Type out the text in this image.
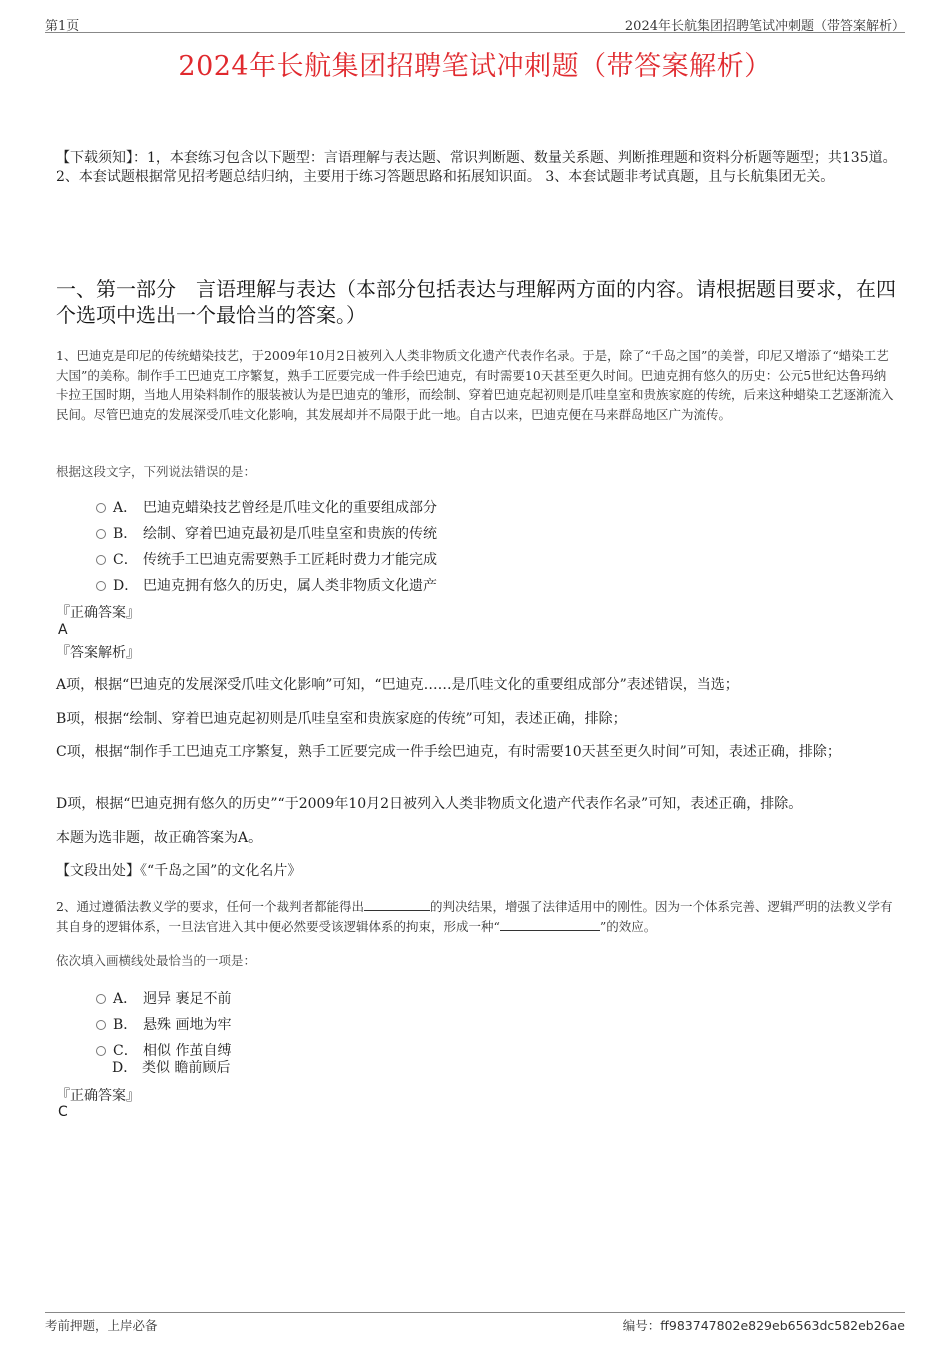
第1页	2024年长航集团招聘笔试冲刺题（带答案解析）
2024年长航集团招聘笔试冲刺题（带答案解析）
【下载须知】：1，本套练习包含以下题型：言语理解与表达题、常识判断题、数量关系题、判断推理题和资料分析题等题型；共135道。 2、本套试题根据常见招考题总结归纳，主要用于练习答题思路和拓展知识面。 3、本套试题非考试真题，且与长航集团无关。
一、第一部分　言语理解与表达（本部分包括表达与理解两方面的内容。请根据题目要求，在四个选项中选出一个最恰当的答案。）
1、巴迪克是印尼的传统蜡染技艺，于2009年10月2日被列入人类非物质文化遗产代表作名录。于是，除了“千岛之国”的美誉，印尼又增添了“蜡染工艺大国”的美称。制作手工巴迪克工序繁复，熟手工匠要完成一件手绘巴迪克，有时需要10天甚至更久时间。巴迪克拥有悠久的历史：公元5世纪达鲁玛纳卡拉王国时期，当地人用染料制作的服装被认为是巴迪克的雏形，而绘制、穿着巴迪克起初则是爪哇皇室和贵族家庭的传统，后来这种蜡染工艺逐渐流入民间。尽管巴迪克的发展深受爪哇文化影响，其发展却并不局限于此一地。自古以来，巴迪克便在马来群岛地区广为流传。
根据这段文字，下列说法错误的是：
A． 巴迪克蜡染技艺曾经是爪哇文化的重要组成部分
B． 绘制、穿着巴迪克最初是爪哇皇室和贵族的传统
C． 传统手工巴迪克需要熟手工匠耗时费力才能完成
D． 巴迪克拥有悠久的历史，属人类非物质文化遗产
『正确答案』
A
『答案解析』
A项，根据“巴迪克的发展深受爪哇文化影响”可知，“巴迪克……是爪哇文化的重要组成部分”表述错误，当选；
B项，根据“绘制、穿着巴迪克起初则是爪哇皇室和贵族家庭的传统”可知，表述正确，排除；
C项，根据“制作手工巴迪克工序繁复，熟手工匠要完成一件手绘巴迪克，有时需要10天甚至更久时间”可知，表述正确，排除；
D项，根据“巴迪克拥有悠久的历史”“于2009年10月2日被列入人类非物质文化遗产代表作名录”可知，表述正确，排除。
本题为选非题，故正确答案为A。
【文段出处】《“千岛之国”的文化名片》
2、通过遵循法教义学的要求，任何一个裁判者都能得出	的判决结果，增强了法律适用中的刚性。因为一个体系完善、逻辑严明的法教义学有其自身的逻辑体系，一旦法官进入其中便必然要受该逻辑体系的拘束，形成一种“	”的效应。
依次填入画横线处最恰当的一项是：
A． 迥异 裹足不前
B． 悬殊 画地为牢
C． 相似 作茧自缚
D． 类似 瞻前顾后
『正确答案』
C
考前押题，上岸必备	编号：ff983747802e829eb6563dc582eb26ae
